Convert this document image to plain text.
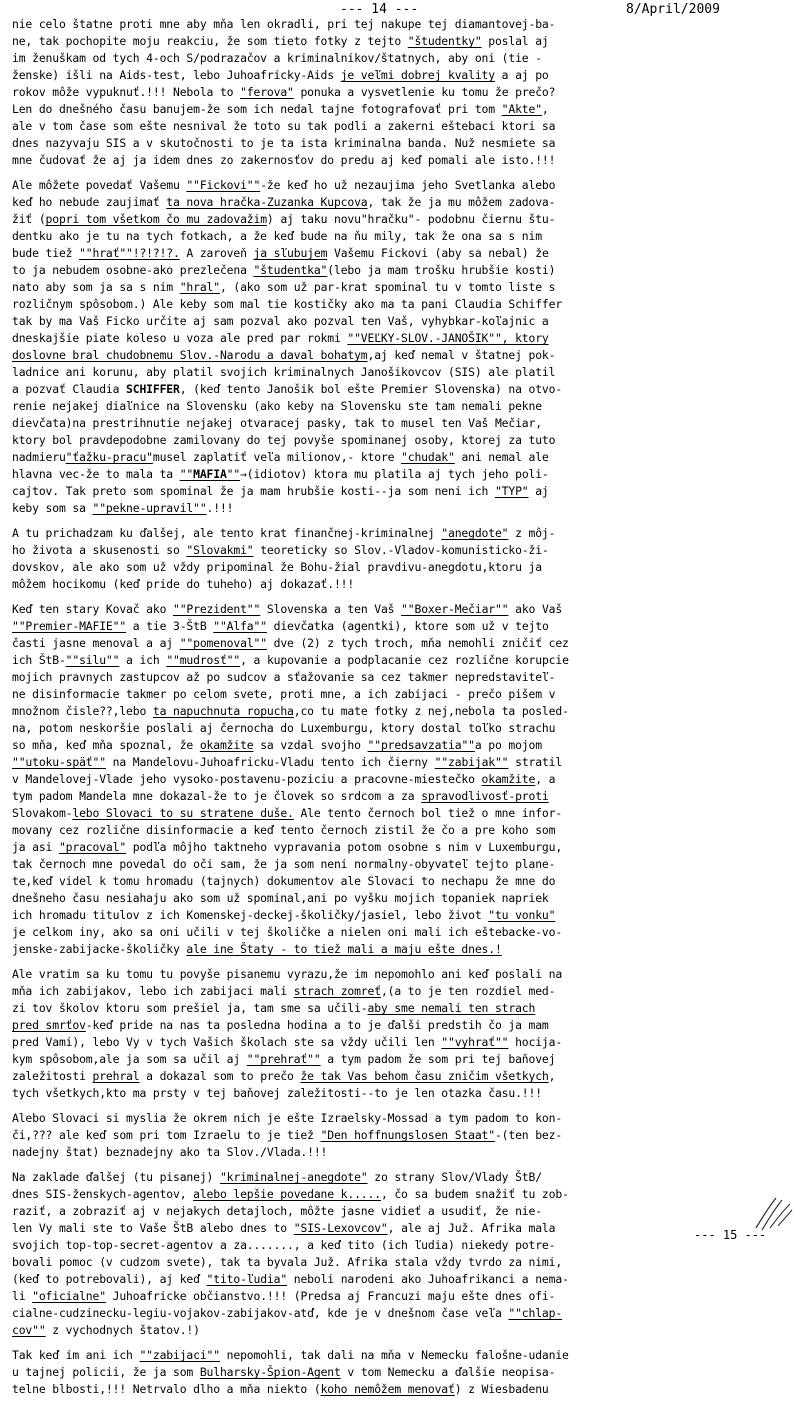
--- 14 ---	8/April/2009
nie celo štatne proti mne aby mňa len okradli, pri tej nakupe tej diamantovej-ba-
ne, tak pochopite moju reakciu, že som tieto fotky z tejto "študentky" poslal aj
im ženuškam od tych 4-och S/podrazačov a kriminalnikov/štatnych, aby oni (tie -
ženske) išli na Aids-test, lebo Juhoafricky-Aids je veľmi dobrej kvality a aj po
rokov môže vypuknuť.!!! Nebola to "ferova" ponuka a vysvetlenie ku tomu že prečo?
Len do dnešného času banujem-že som ich nedal tajne fotografovať pri tom "Akte",
ale v tom čase som ešte nesnival že toto su tak podli a zakerni eštebaci ktori sa
dnes nazyvaju SIS a v skutočnosti to je ta ista kriminalna banda. Nuž nesmiete sa
mne čudovať že aj ja idem dnes zo zakernosťov do predu aj keď pomali ale isto.!!!
Ale môžete povedať Vašemu ""Fickovi""-že keď ho už nezaujima jeho Svetlanka alebo
keď ho nebude zaujimať ta nova hračka-Zuzanka Kupcova, tak že ja mu môžem zadova-
žiť (popri tom všetkom čo mu zadovažim) aj taku novu"hračku"- podobnu čiernu štu-
dentku ako je tu na tych fotkach, a že keď bude na ňu mily, tak že ona sa s nim
bude tiež ""hrať""!?!?!?. A zaroveň ja sľubujem Vašemu Fickovi (aby sa nebal) že
to ja nebudem osobne-ako prezlečena "študentka"(lebo ja mam trošku hrubšie kosti)
nato aby som ja sa s nim "hral", (ako som už par-krat spominal tu v tomto liste s
rozličnym spôsobom.) Ale keby som mal tie kostičky ako ma ta pani Claudia Schiffer
tak by ma Vaš Ficko určite aj sam pozval ako pozval ten Vaš, vyhybkar-koľajnic a
dneskajšie piate koleso u voza ale pred par rokmi ""VEĽKY-SLOV.-JANOŠIK"", ktory
doslovne bral chudobnemu Slov.-Narodu a daval bohatym,aj keď nemal v štatnej pok-
ladnice ani korunu, aby platil svojich kriminalnych Janošikovcov (SIS) ale platil
a pozvať Claudia SCHIFFER, (keď tento Janošik bol ešte Premier Slovenska) na otvo-
renie nejakej diaľnice na Slovensku (ako keby na Slovensku ste tam nemali pekne
dievčata)na prestrihnutie nejakej otvaracej pasky, tak to musel ten Vaš Mečiar,
ktory bol pravdepodobne zamilovany do tej povyše spominanej osoby, ktorej za tuto
nadmieru"ťažku-pracu"musel zaplatiť veľa milionov,- ktore "chudak" ani nemal ale
hlavna vec-že to mala ta ""MAFIA""→(idiotov) ktora mu platila aj tych jeho poli-
cajtov. Tak preto som spominal že ja mam hrubšie kosti--ja som neni ich "TYP" aj
keby som sa ""pekne-upravil"".!!!
A tu prichadzam ku ďalšej, ale tento krat finančnej-kriminalnej "anegdote" z môj-
ho života a skusenosti so "Slovakmi" teoreticky so Slov.-Vladov-komunisticko-ži-
dovskov, ale ako som už vždy pripominal že Bohu-žial pravdivu-anegdotu,ktoru ja
môžem hocikomu (keď pride do tuheho) aj dokazať.!!!
Keď ten stary Kovač ako ""Prezident"" Slovenska a ten Vaš ""Boxer-Mečiar"" ako Vaš
""Premier-MAFIE"" a tie 3-ŠtB ""Alfa"" dievčatka (agentki), ktore som už v tejto
časti jasne menoval a aj ""pomenoval"" dve (2) z tych troch, mňa nemohli zničiť cez
ich ŠtB-""silu"" a ich ""mudrosť"", a kupovanie a podplacanie cez rozlične korupcie
mojich pravnych zastupcov až po sudcov a sťažovanie sa cez takmer nepredstaviteľ-
ne disinformacie takmer po celom svete, proti mne, a ich zabijaci - prečo pišem v
množnom čisle??,lebo ta napuchnuta ropucha,co tu mate fotky z nej,nebola ta posled-
na, potom neskoršie poslali aj černocha do Luxemburgu, ktory dostal toľko strachu
so mňa, keď mňa spoznal, že okamžite sa vzdal svojho ""predsavzatia""a po mojom
""utoku-späť"" na Mandelovu-Juhoafricku-Vladu tento ich čierny ""zabijak"" stratil
v Mandelovej-Vlade jeho vysoko-postavenu-poziciu a pracovne-miestečko okamžite, a
tym padom Mandela mne dokazal-že to je človek so srdcom a za spravodlivosť-proti
Slovakom-lebo Slovaci to su stratene duše. Ale tento černoch bol tiež o mne infor-
movany cez rozlične disinformacie a keď tento černoch zistil že čo a pre koho som
ja asi "pracoval" podľa môjho taktneho vypravania potom osobne s nim v Luxemburgu,
tak černoch mne povedal do oči sam, že ja som neni normalny-obyvateľ tejto plane-
te,keď videl k tomu hromadu (tajnych) dokumentov ale Slovaci to nechapu že mne do
dnešneho času nesiahaju ako som už spominal,ani po vyšku mojich topaniek napriek
ich hromadu titulov z ich Komenskej-deckej-školičky/jasiel, lebo život "tu vonku"
je celkom iny, ako sa oni učili v tej školičke a nielen oni mali ich eštebacke-vo-
jenske-zabijacke-školičky ale ine Štaty - to tiež mali a maju ešte dnes.!
Ale vratim sa ku tomu tu povyše pisanemu vyrazu,že im nepomohlo ani keď poslali na
mňa ich zabijakov, lebo ich zabijaci mali strach zomreť,(a to je ten rozdiel med-
zi tov školov ktoru som prešiel ja, tam sme sa učili-aby sme nemali ten strach
pred smrťov-keď pride na nas ta posledna hodina a to je ďalši predstih čo ja mam
pred Vami), lebo Vy v tych Vašich školach ste sa vždy učili len ""vyhrať"" hocija-
kym spôsobom,ale ja som sa učil aj ""prehrať"" a tym padom že som pri tej baňovej
zaležitosti prehral a dokazal som to prečo že tak Vas behom času zničim všetkych,
tych všetkych,kto ma prsty v tej baňovej zaležitosti--to je len otazka času.!!!
Alebo Slovaci si myslia že okrem nich je ešte Izraelsky-Mossad a tym padom to kon-
či,??? ale keď som pri tom Izraelu to je tiež "Den hoffnungslosen Staat"-(ten bez-
nadejny štat) beznadejny ako ta Slov./Vlada.!!!
Na zaklade ďalšej (tu pisanej) "kriminalnej-anegdote" zo strany Slov/Vlady ŠtB/
dnes SIS-ženskych-agentov, alebo lepšie povedane k....., čo sa budem snažiť tu zob-
raziť, a zobraziť aj v nejakych detajloch, môžte jasne vidieť a usudiť, že nie-
len Vy mali ste to Vaše ŠtB alebo dnes to "SIS-Lexovcov", ale aj Juž. Afrika mala
svojich top-top-secret-agentov a za......., a keď tito (ich ľudia) niekedy potre-
bovali pomoc (v cudzom svete), tak ta byvala Juž. Afrika stala vždy tvrdo za nimi,
(keď to potrebovali), aj keď "tito-ľudia" neboli narodeni ako Juhoafrikanci a nema-
li "oficialne" Juhoafricke občianstvo.!!! (Predsa aj Francuzi maju ešte dnes ofi-
cialne-cudzinecku-legiu-vojakov-zabijakov-atď, kde je v dnešnom čase veľa ""chlap-
cov"" z vychodnych štatov.!)
Tak keď im ani ich ""zabijaci"" nepomohli, tak dali na mňa v Nemecku falošne-udanie
u tajnej policii, že ja som Bulharsky-Špion-Agent v tom Nemecku a ďalšie neopisa-
telne blbosti,!!! Netrvalo dlho a mňa niekto (koho nemôžem menovať) z Wiesbadenu
--- 15 ---
